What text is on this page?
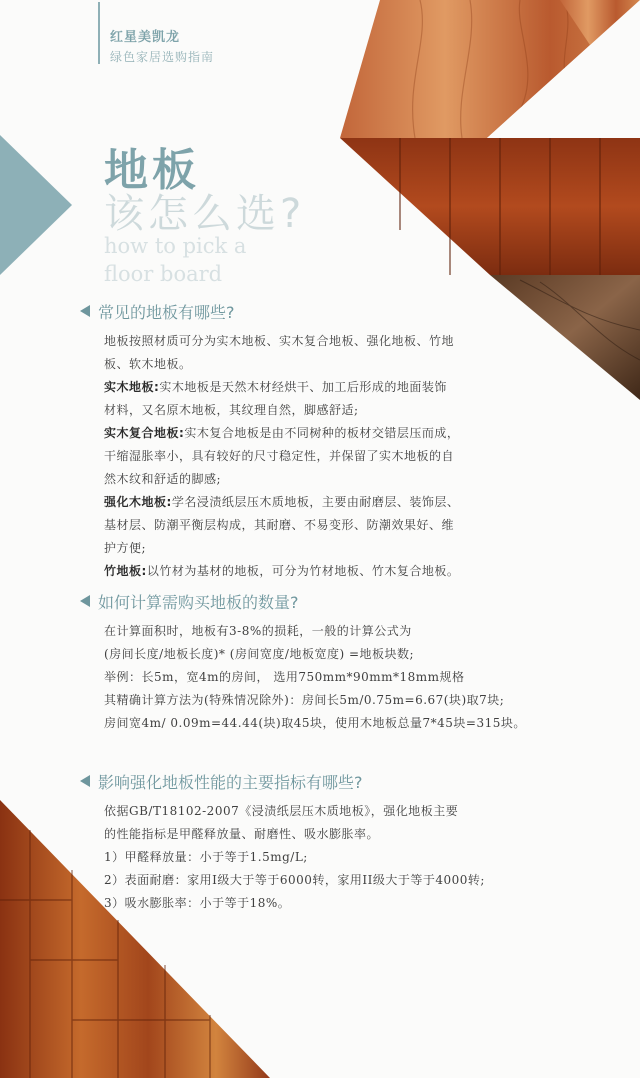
红星美凯龙
绿色家居选购指南
地板
该怎么选?
how to pick a
floor board
常见的地板有哪些?

地板按照材质可分为实木地板、实木复合地板、强化地板、竹地

板、软木地板。

实木地板:实木地板是天然木材经烘干、加工后形成的地面装饰

材料，又名原木地板，其纹理自然，脚感舒适;

实木复合地板:实木复合地板是由不同树种的板材交错层压而成，

干缩湿胀率小，具有较好的尺寸稳定性，并保留了实木地板的自

然木纹和舒适的脚感;

强化木地板:学名浸渍纸层压木质地板，主要由耐磨层、装饰层、

基材层、防潮平衡层构成，其耐磨、不易变形、防潮效果好、维

护方便;

竹地板:以竹材为基材的地板，可分为竹材地板、竹木复合地板。

如何计算需购买地板的数量?

在计算面积时，地板有3-8%的损耗，一般的计算公式为

(房间长度/地板长度)* (房间宽度/地板宽度) =地板块数;

举例：长5m，宽4m的房间， 选用750mm*90mm*18mm规格

其精确计算方法为(特殊情况除外)：房间长5m/0.75m=6.67(块)取7块;

房间宽4m/ 0.09m=44.44(块)取45块，使用木地板总量7*45块=315块。

影响强化地板性能的主要指标有哪些?

依据GB/T18102-2007《浸渍纸层压木质地板》，强化地板主要

的性能指标是甲醛释放量、耐磨性、吸水膨胀率。

1）甲醛释放量：小于等于1.5mg/L;

2）表面耐磨：家用I级大于等于6000转，家用II级大于等于4000转;

3）吸水膨胀率：小于等于18%。
